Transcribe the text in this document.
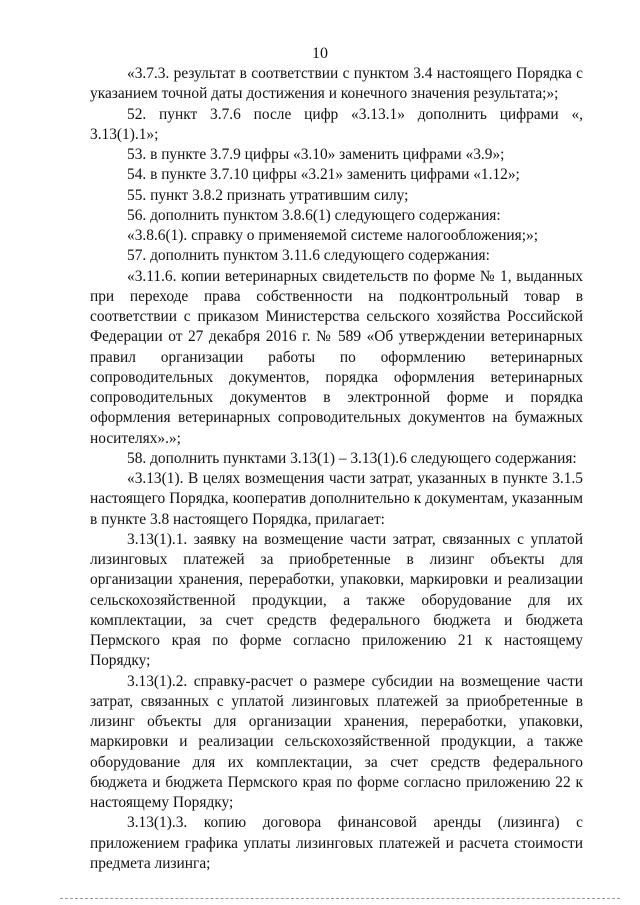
10

«3.7.3. результат в соответствии с пунктом 3.4 настоящего Порядка с указанием точной даты достижения и конечного значения результата;»;

52. пункт 3.7.6 после цифр «3.13.1» дополнить цифрами «, 3.13(1).1»;

53. в пункте 3.7.9 цифры «3.10» заменить цифрами «3.9»;

54. в пункте 3.7.10 цифры «3.21» заменить цифрами «1.12»;

55. пункт 3.8.2 признать утратившим силу;

56. дополнить пунктом 3.8.6(1) следующего содержания:

«3.8.6(1). справку о применяемой системе налогообложения;»;

57. дополнить пунктом 3.11.6 следующего содержания:

«3.11.6. копии ветеринарных свидетельств по форме № 1, выданных при переходе права собственности на подконтрольный товар в соответствии с приказом Министерства сельского хозяйства Российской Федерации от 27 декабря 2016 г. № 589 «Об утверждении ветеринарных правил организации работы по оформлению ветеринарных сопроводительных документов, порядка оформления ветеринарных сопроводительных документов в электронной форме и порядка оформления ветеринарных сопроводительных документов на бумажных носителях».»;

58. дополнить пунктами 3.13(1) – 3.13(1).6 следующего содержания:

«3.13(1). В целях возмещения части затрат, указанных в пункте 3.1.5 настоящего Порядка, кооператив дополнительно к документам, указанным в пункте 3.8 настоящего Порядка, прилагает:

3.13(1).1. заявку на возмещение части затрат, связанных с уплатой лизинговых платежей за приобретенные в лизинг объекты для организации хранения, переработки, упаковки, маркировки и реализации сельскохозяйственной продукции, а также оборудование для их комплектации, за счет средств федерального бюджета и бюджета Пермского края по форме согласно приложению 21 к настоящему Порядку;

3.13(1).2. справку-расчет о размере субсидии на возмещение части затрат, связанных с уплатой лизинговых платежей за приобретенные в лизинг объекты для организации хранения, переработки, упаковки, маркировки и реализации сельскохозяйственной продукции, а также оборудование для их комплектации, за счет средств федерального бюджета и бюджета Пермского края по форме согласно приложению 22 к настоящему Порядку;

3.13(1).3. копию договора финансовой аренды (лизинга) с приложением графика уплаты лизинговых платежей и расчета стоимости предмета лизинга;
